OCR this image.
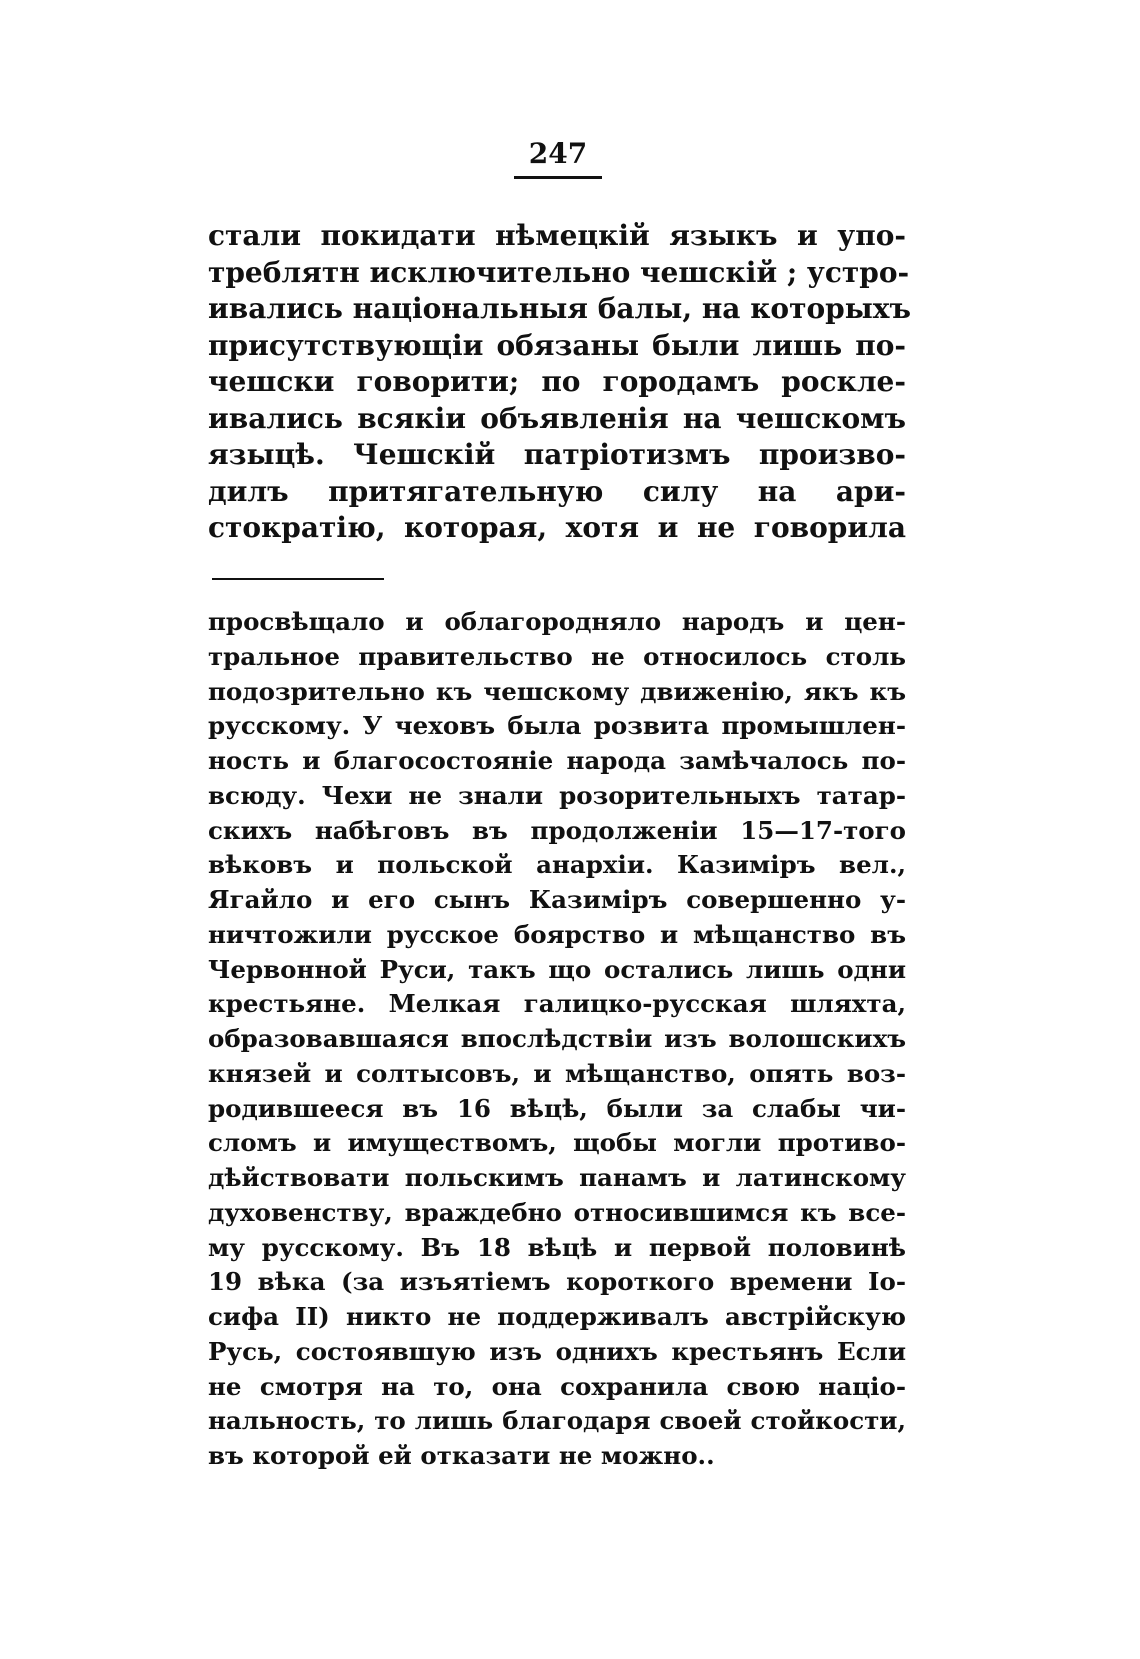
247
стали покидати нѣмецкій языкъ и упо-
треблятн исключительно чешскій ; устро-
ивались національныя балы, на которыхъ
присутствующіи обязаны были лишь по-
чешски говорити; по городамъ роскле-
ивались всякіи объявленія на чешскомъ
языцѣ. Чешскій патріотизмъ произво-
дилъ притягательную силу на ари-
стократію, которая, хотя и не говорила
просвѣщало и облагороднялo народъ и цен-
тральное правительство не относилось столь
подозрительно къ чешскому движенію, якъ къ
русскому. У чеховъ была розвита промышлен-
ность и благосостояніе народа замѣчалось по-
всюду. Чехи не знали розорительныхъ татар-
скихъ набѣговъ въ продолженіи 15—17-того
вѣковъ и польской анархіи. Казиміръ вел.,
Ягайло и его сынъ Казиміръ совершенно у-
ничтожили русское боярство и мѣщанство въ
Червонной Руси, такъ що остались лишь одни
крестьяне. Мелкая галицко-русская шляхта,
образовавшаяся впослѣдствіи изъ волошскихъ
князей и солтысовъ, и мѣщанство, опять воз-
родившееся въ 16 вѣцѣ, были за слабы чи-
сломъ и имуществомъ, щобы могли противо-
дѣйствовати польскимъ панамъ и латинскому
духовенству, враждебно относившимся къ все-
му русскому. Въ 18 вѣцѣ и первой половинѣ
19 вѣка (за изъятіемъ короткого времени Іо-
сифа II) никто не поддерживалъ австрійскую
Русь, состоявшую изъ однихъ крестьянъ Если
не смотря на то, она сохранила свою націо-
нальность, то лишь благодаря своей стойкости,
въ которой ей отказати не можно..
